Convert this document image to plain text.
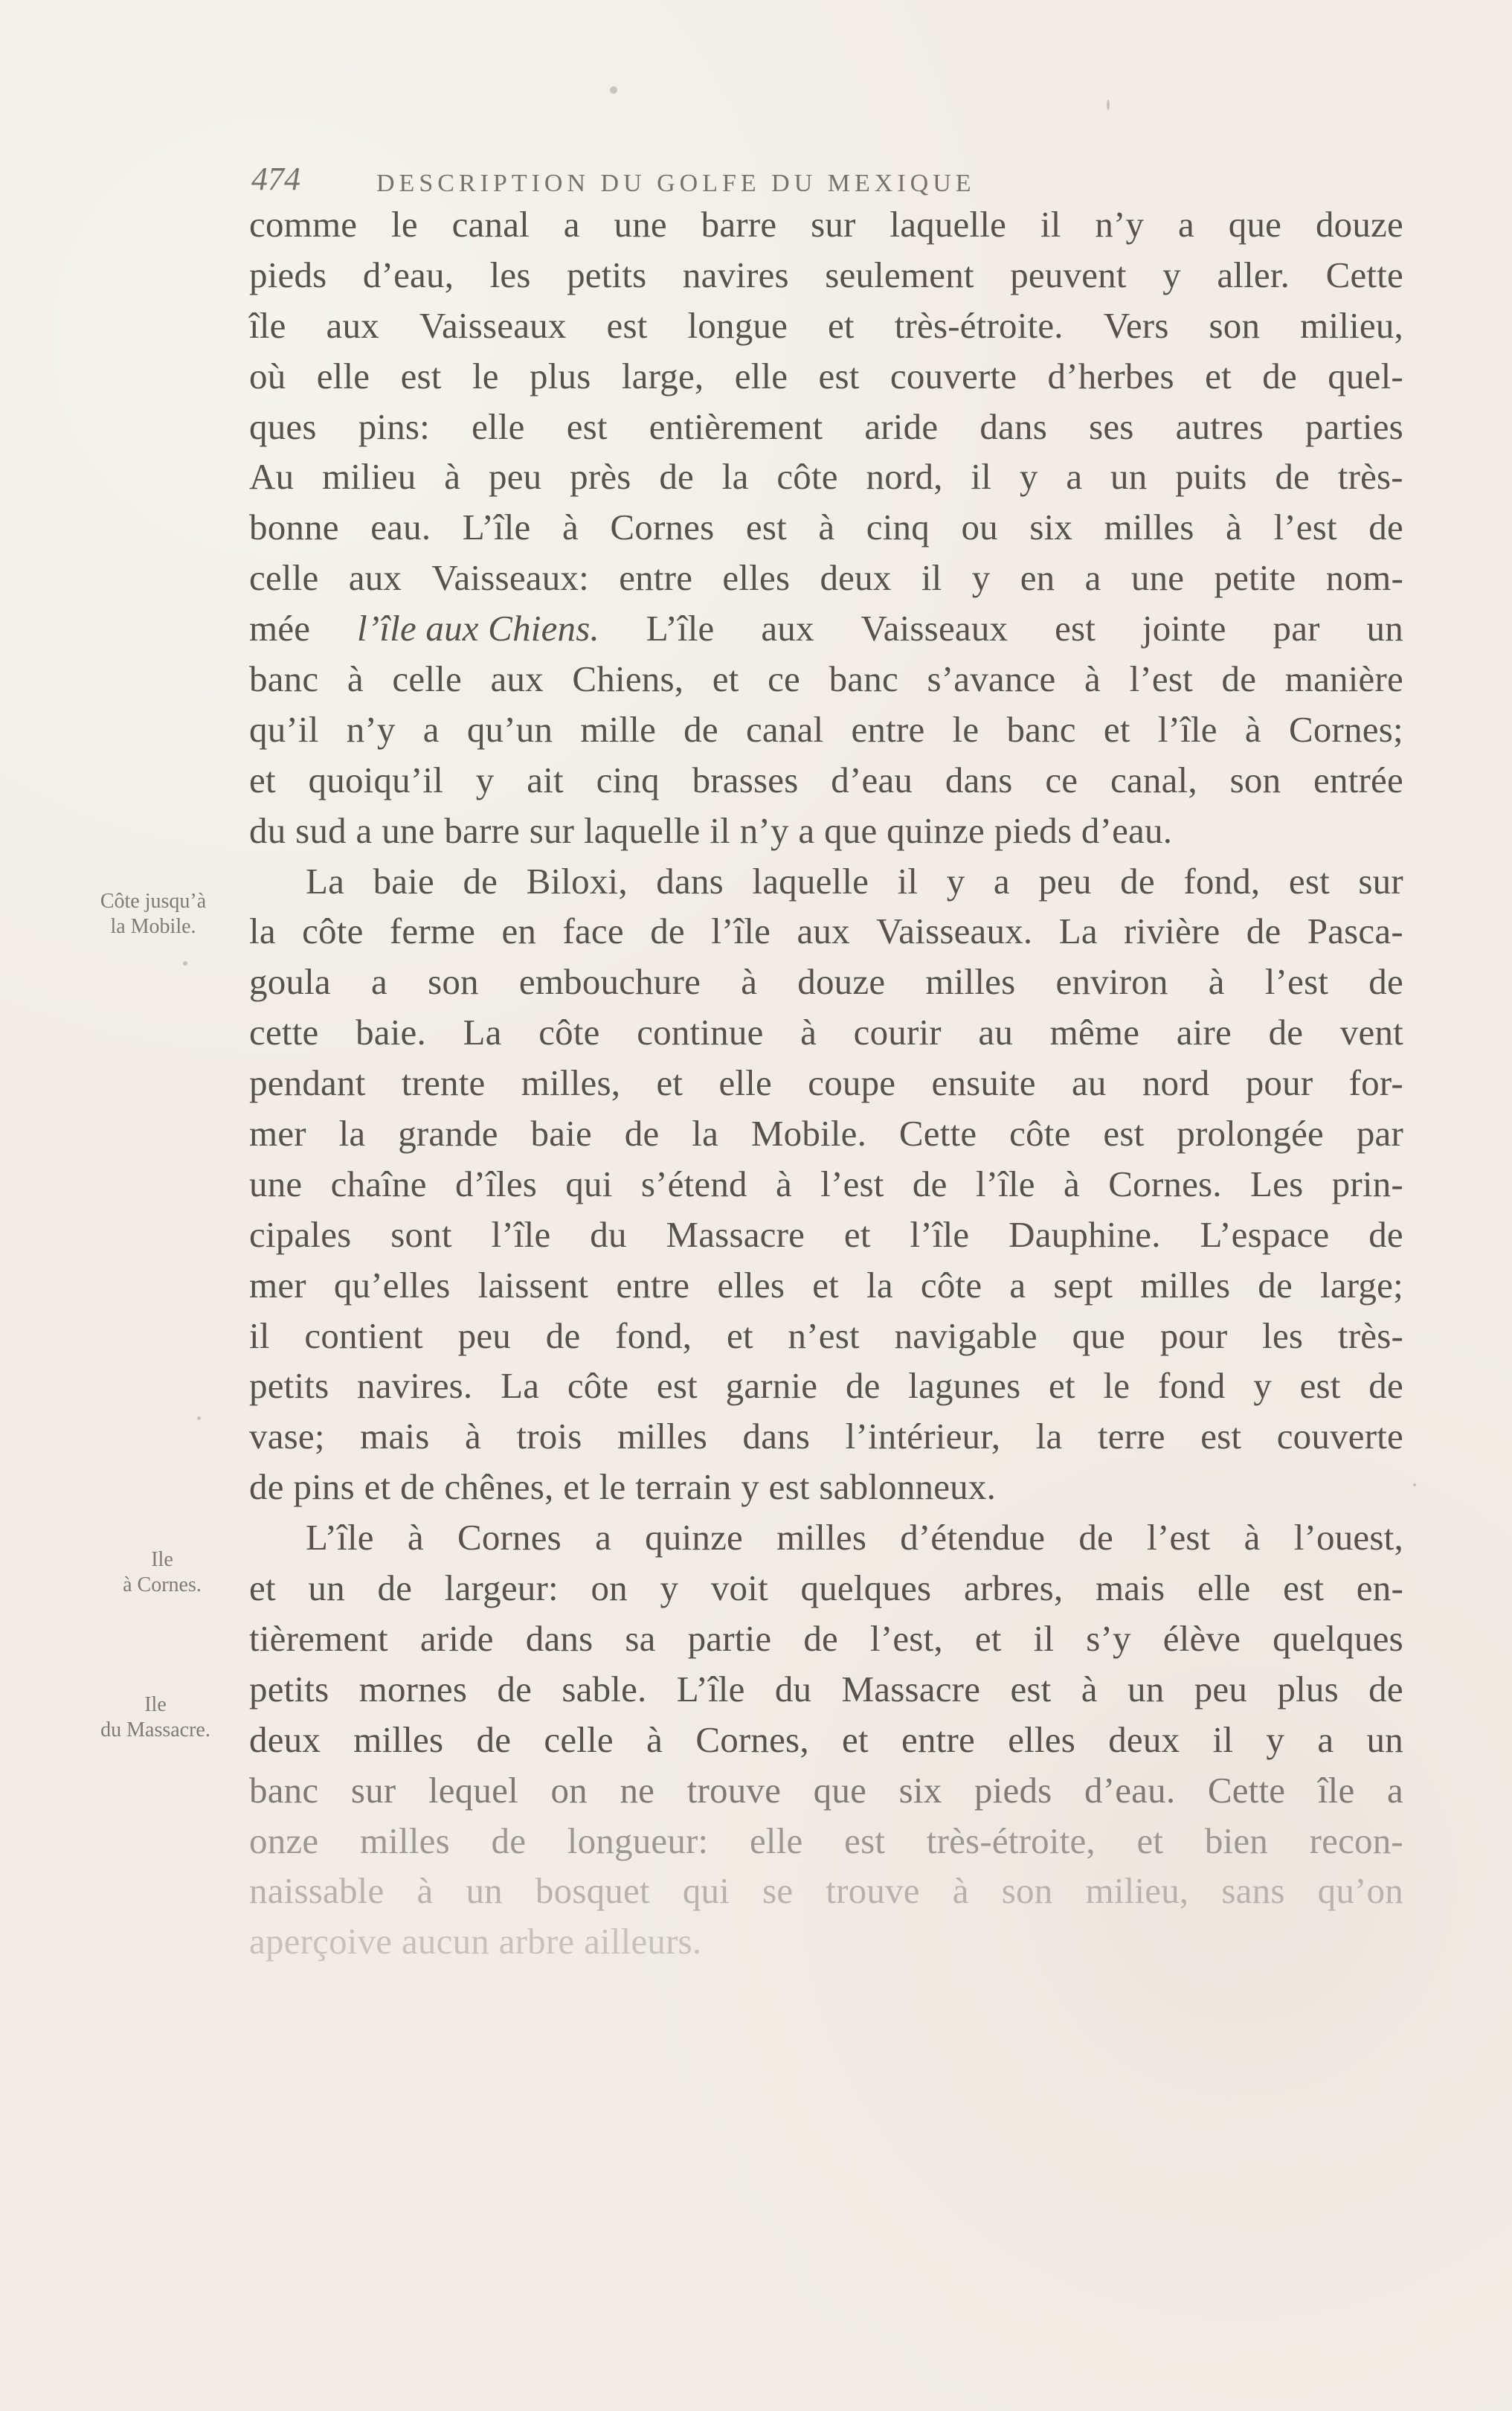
474	DESCRIPTION DU GOLFE DU MEXIQUE
comme le canal a une barre sur laquelle il n’y a que douze
pieds d’eau, les petits navires seulement peuvent y aller. Cette
île aux Vaisseaux est longue et très-étroite. Vers son milieu,
où elle est le plus large, elle est couverte d’herbes et de quel-
ques pins: elle est entièrement aride dans ses autres parties
Au milieu à peu près de la côte nord, il y a un puits de très-
bonne eau. L’île à Cornes est à cinq ou six milles à l’est de
celle aux Vaisseaux: entre elles deux il y en a une petite nom-
mée l’île aux Chiens. L’île aux Vaisseaux est jointe par un
banc à celle aux Chiens, et ce banc s’avance à l’est de manière
qu’il n’y a qu’un mille de canal entre le banc et l’île à Cornes;
et quoiqu’il y ait cinq brasses d’eau dans ce canal, son entrée
du sud a une barre sur laquelle il n’y a que quinze pieds d’eau.
La baie de Biloxi, dans laquelle il y a peu de fond, est sur
la côte ferme en face de l’île aux Vaisseaux. La rivière de Pasca-
goula a son embouchure à douze milles environ à l’est de
cette baie. La côte continue à courir au même aire de vent
pendant trente milles, et elle coupe ensuite au nord pour for-
mer la grande baie de la Mobile. Cette côte est prolongée par
une chaîne d’îles qui s’étend à l’est de l’île à Cornes. Les prin-
cipales sont l’île du Massacre et l’île Dauphine. L’espace de
mer qu’elles laissent entre elles et la côte a sept milles de large;
il contient peu de fond, et n’est navigable que pour les très-
petits navires. La côte est garnie de lagunes et le fond y est de
vase; mais à trois milles dans l’intérieur, la terre est couverte
de pins et de chênes, et le terrain y est sablonneux.
L’île à Cornes a quinze milles d’étendue de l’est à l’ouest,
et un de largeur: on y voit quelques arbres, mais elle est en-
tièrement aride dans sa partie de l’est, et il s’y élève quelques
petits mornes de sable. L’île du Massacre est à un peu plus de
deux milles de celle à Cornes, et entre elles deux il y a un
banc sur lequel on ne trouve que six pieds d’eau. Cette île a
onze milles de longueur: elle est très-étroite, et bien recon-
naissable à un bosquet qui se trouve à son milieu, sans qu’on
aperçoive aucun arbre ailleurs.
Côte jusqu’à
la Mobile.
Ile
à Cornes.
Ile
du Massacre.
